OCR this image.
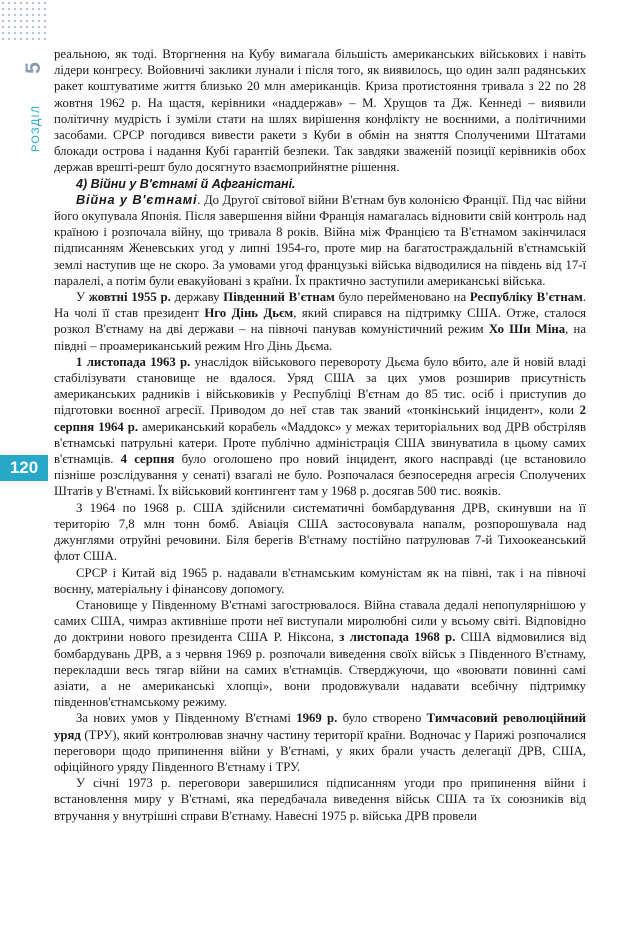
5
РОЗДІЛ
120

реальною, як тоді. Вторгнення на Кубу вимагала більшість американських військових і навіть лідери конгресу. Войовничі заклики лунали і після того, як виявилось, що один залп радянських ракет коштуватиме життя близько 20 млн американців. Криза протистояння тривала з 22 по 28 жовтня 1962 р. На щастя, керівники «наддержав» – М. Хрущов та Дж. Кеннеді – виявили політичну мудрість і зуміли стати на шлях вирішення конфлікту не воєнними, а політичними засобами. СРСР погодився вивести ракети з Куби в обмін на зняття Сполученими Штатами блокади острова і надання Кубі гарантій безпеки. Так завдяки зваженій позиції керівників обох держав врешті-решт було досягнуто взаємоприйнятне рішення.

4) Війни у В'єтнамі й Афганістані.

Війна у В'єтнамі. До Другої світової війни В'єтнам був колонією Франції. Під час війни його окупувала Японія. Після завершення війни Франція намагалась відновити свій контроль над країною і розпочала війну, що тривала 8 років. Війна між Францією та В'єтнамом закінчилася підписанням Женевських угод у липні 1954-го, проте мир на багатостраждальній в'єтнамській землі наступив ще не скоро. За умовами угод французькі війська відводилися на південь від 17-ї паралелі, а потім були евакуйовані з країни. Їх практично заступили американські війська.

У жовтні 1955 р. державу Південний В'єтнам було перейменовано на Республіку В'єтнам. На чолі її став президент Нго Дінь Дьєм, який спирався на підтримку США. Отже, сталося розкол В'єтнаму на дві держави – на півночі панував комуністичний режим Хо Ши Міна, на півдні – проамериканський режим Нго Дінь Дьєма.

1 листопада 1963 р. унаслідок військового перевороту Дьєма було вбито, але й новій владі стабілізувати становище не вдалося. Уряд США за цих умов розширив присутність американських радників і військовиків у Республіці В'єтнам до 85 тис. осіб і приступив до підготовки воєнної агресії. Приводом до неї став так званий «тонкінський інцидент», коли 2 серпня 1964 р. американський корабель «Маддокс» у межах територіальних вод ДРВ обстріляв в'єтнамські патрульні катери. Проте публічно адміністрація США звинуватила в цьому самих в'єтнамців. 4 серпня було оголошено про новий інцидент, якого насправді (це встановило пізніше розслідування у сенаті) взагалі не було. Розпочалася безпосередня агресія Сполучених Штатів у В'єтнамі. Їх військовий контингент там у 1968 р. досягав 500 тис. вояків.

З 1964 по 1968 р. США здійснили систематичні бомбардування ДРВ, скинувши на її територію 7,8 млн тонн бомб. Авіація США застосовувала напалм, розпорошувала над джунглями отруйні речовини. Біля берегів В'єтнаму постійно патрулював 7-й Тихоокеанський флот США.

СРСР і Китай від 1965 р. надавали в'єтнамським комуністам як на півні, так і на півночі воєнну, матеріальну і фінансову допомогу.

Становище у Південному В'єтнамі загострювалося. Війна ставала дедалі непопулярнішою у самих США, чимраз активніше проти неї виступали миролюбні сили у всьому світі. Відповідно до доктрини нового президента США Р. Ніксона, з листопада 1968 р. США відмовилися від бомбардувань ДРВ, а з червня 1969 р. розпочали виведення своїх військ з Південного В'єтнаму, перекладши весь тягар війни на самих в'єтнамців. Стверджуючи, що «воювати повинні самі азіати, а не американські хлопці», вони продовжували надавати всебічну підтримку південнов'єтнамському режиму.

За нових умов у Південному В'єтнамі 1969 р. було створено Тимчасовий революційний уряд (ТРУ), який контролював значну частину території країни. Водночас у Парижі розпочалися переговори щодо припинення війни у В'єтнамі, у яких брали участь делегації ДРВ, США, офіційного уряду Південного В'єтнаму і ТРУ.

У січні 1973 р. переговори завершилися підписанням угоди про припинення війни і встановлення миру у В'єтнамі, яка передбачала виведення військ США та їх союзників від втручання у внутрішні справи В'єтнаму. Навесні 1975 р. війська ДРВ провели
